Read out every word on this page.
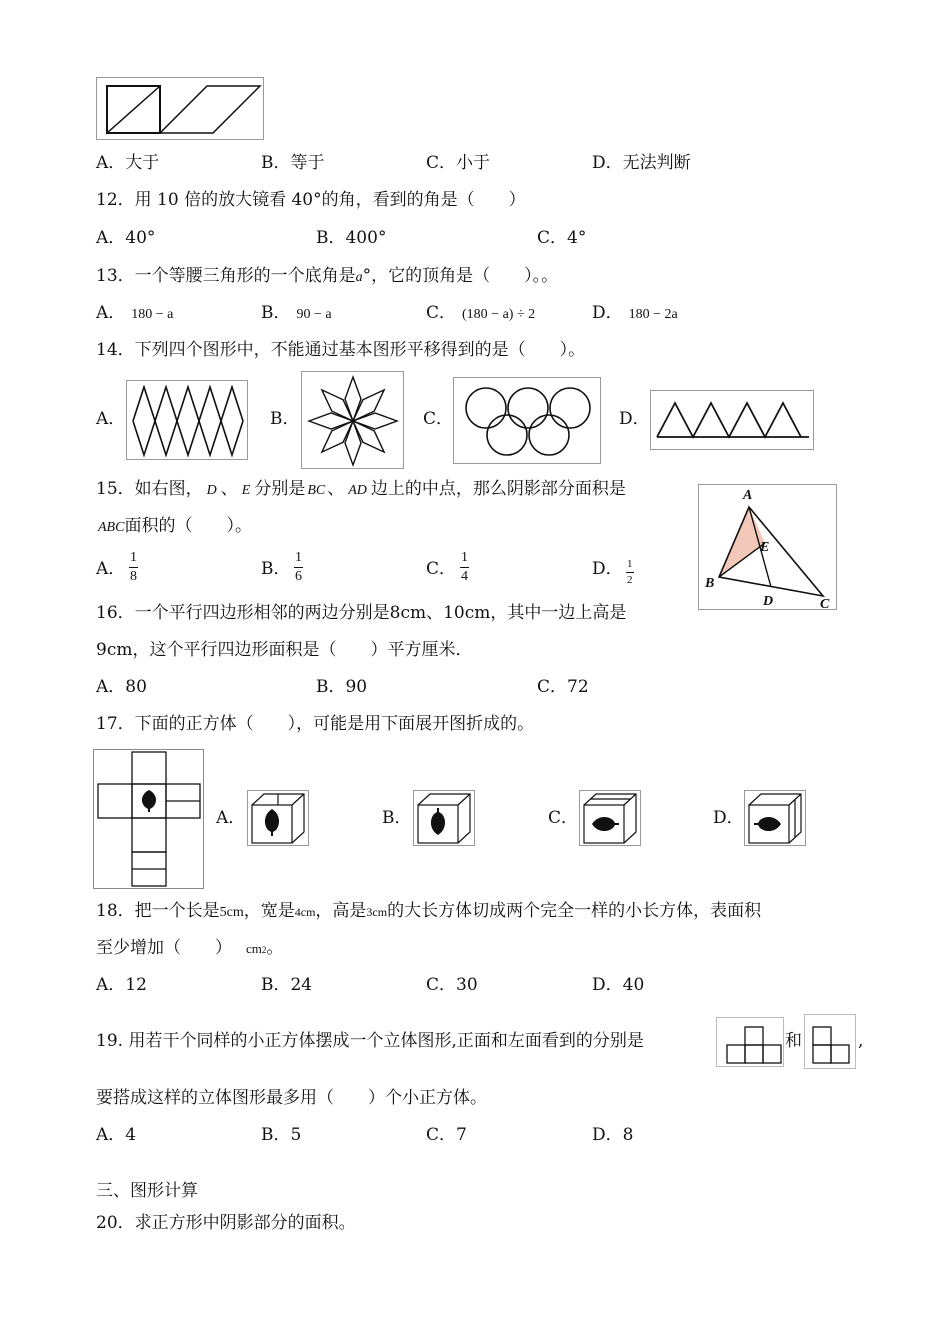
A．大于	B．等于	C．小于	D．无法判断
12．用 10 倍的放大镜看 40°的角，看到的角是（　　）
A．40°	B．400°	C．4°
13．一个等腰三角形的一个底角是a°，它的顶角是（　　）。。
A． 180 − a	B． 90 − a	C． (180 − a) ÷ 2	D． 180 − 2a
14．下列四个图形中，不能通过基本图形平移得到的是（　　）。
A．	B．	C．	D．
15．如右图， D 、 E 分别是 BC 、 AD 边上的中点，那么阴影部分面积是
ABC面积的（　　）。
A． $\frac{1}{8}$	B． $\frac{1}{6}$	C． $\frac{1}{4}$	D． $\frac{1}{2}$
A
B
C
D
E
16．一个平行四边形相邻的两边分别是8cm、10cm，其中一边上高是
9cm，这个平行四边形面积是（　　）平方厘米．
A．80	B．90	C．72
17．下面的正方体（　　），可能是用下面展开图折成的。
A．	B．	C．	D．
18．把一个长是5cm，宽是4cm，高是3cm的大长方体切成两个完全一样的小长方体，表面积
至少增加（　　） cm2。
A．12	B．24	C．30	D．40
19. 用若干个同样的小正方体摆成一个立体图形,正面和左面看到的分别是	和	,
要搭成这样的立体图形最多用（　　）个小正方体。
A．4	B．5	C．7	D．8
三、图形计算
20．求正方形中阴影部分的面积。
